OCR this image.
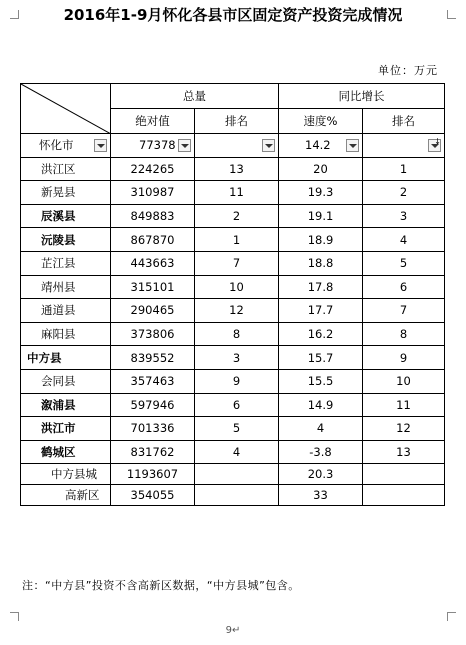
2016年1-9月怀化各县市区固定资产投资完成情况
单位：万元
	总量		同比增长	
	绝对值	排名	速度%	排名

怀化市	77378		14.2	↓

洪江区	224265	13	20	1
新晃县	310987	11	19.3	2
辰溪县	849883	2	19.1	3
沅陵县	867870	1	18.9	4
芷江县	443663	7	18.8	5
靖州县	315101	10	17.8	6
通道县	290465	12	17.7	7
麻阳县	373806	8	16.2	8
中方县	839552	3	15.7	9
会同县	357463	9	15.5	10
溆浦县	597946	6	14.9	11
洪江市	701336	5	4	12
鹤城区	831762	4	-3.8	13
中方县城	1193607		20.3	
高新区	354055		33	
注：“中方县”投资不含高新区数据，“中方县城”包含。
9↵
